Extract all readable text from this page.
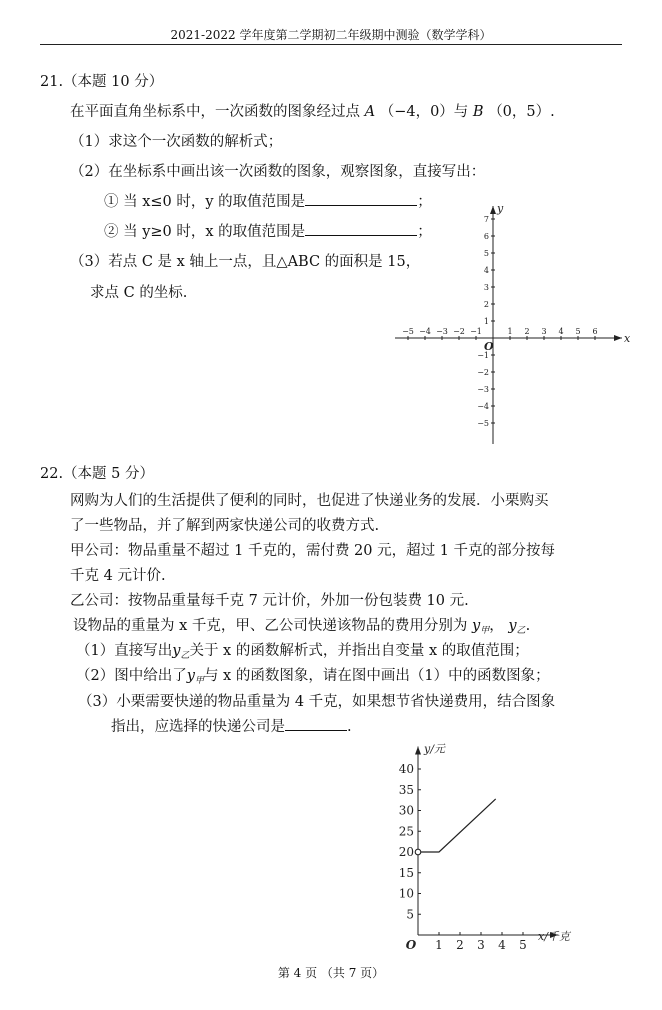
2021-2022 学年度第二学期初二年级期中测验（数学学科）
21.（本题 10 分）
在平面直角坐标系中，一次函数的图象经过点 A （−4，0）与 B （0，5）.
（1）求这个一次函数的解析式；
（2）在坐标系中画出该一次函数的图象，观察图象，直接写出：
① 当 x≤0 时，y 的取值范围是	；
② 当 y≥0 时，x 的取值范围是	；
（3）若点 C 是 x 轴上一点，且△ABC 的面积是 15，
求点 C 的坐标.
x
y
O
−5 −4 −3 −2 −1	1 2 3 4 5 6
−5
−4
−3
−2
−1
1
2
3
4
5
6
7
22.（本题 5 分）
网购为人们的生活提供了便利的同时，也促进了快递业务的发展．小栗购买
了一些物品，并了解到两家快递公司的收费方式.
甲公司：物品重量不超过 1 千克的，需付费 20 元，超过 1 千克的部分按每
千克 4 元计价.
乙公司：按物品重量每千克 7 元计价，外加一份包装费 10 元.
设物品的重量为 x 千克，甲、乙公司快递该物品的费用分别为 $y_甲$， $y_乙$.
（1）直接写出$y_乙$关于 x 的函数解析式，并指出自变量 x 的取值范围；
（2）图中给出了$y_甲$与 x 的函数图象，请在图中画出（1）中的函数图象；
（3）小栗需要快递的物品重量为 4 千克，如果想节省快递费用，结合图象
指出，应选择的快递公司是	.
x/千克
y/元
O 1 2 3 4 5
5
10
15
20
25
30
35
40
第 4 页 （共 7 页）
